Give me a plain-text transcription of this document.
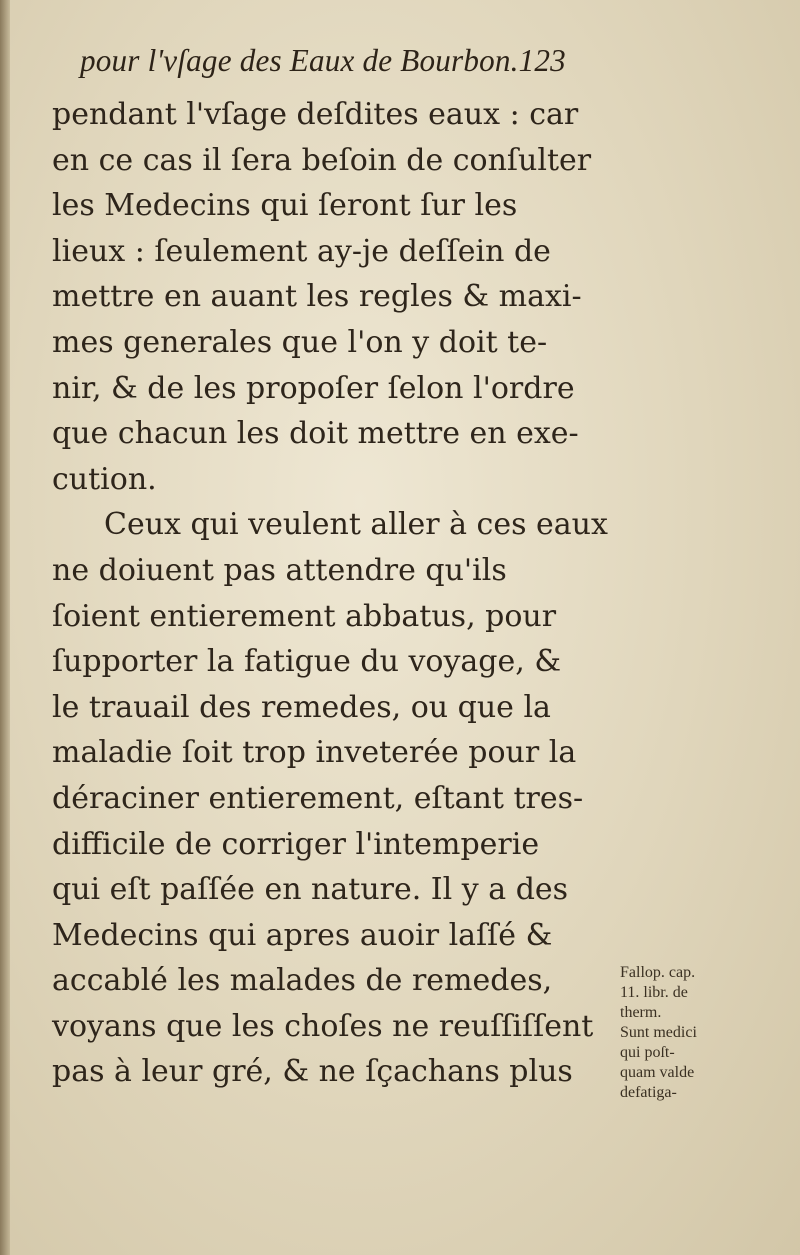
pour l'vſage des Eaux de Bourbon.123
pendant l'vſage deſdites eaux : car
en ce cas il ſera beſoin de conſulter
les Medecins qui ſeront ſur les
lieux : ſeulement ay-je deſſein de
mettre en auant les regles & maxi-
mes generales que l'on y doit te-
nir, & de les propoſer ſelon l'ordre
que chacun les doit mettre en exe-
cution.
Ceux qui veulent aller à ces eaux
ne doiuent pas attendre qu'ils
ſoient entierement abbatus, pour
ſupporter la fatigue du voyage, &
le trauail des remedes, ou que la
maladie ſoit trop inveterée pour la
déraciner entierement, eſtant tres-
difficile de corriger l'intemperie
qui eſt paſſée en nature. Il y a des
Medecins qui apres auoir laſſé &
accablé les malades de remedes,
voyans que les choſes ne reuſſiſſent
pas à leur gré, & ne ſçachans plus
Fallop. cap.
11. libr. de
therm.
Sunt medici
qui poſt-
quam valde
defatiga-
